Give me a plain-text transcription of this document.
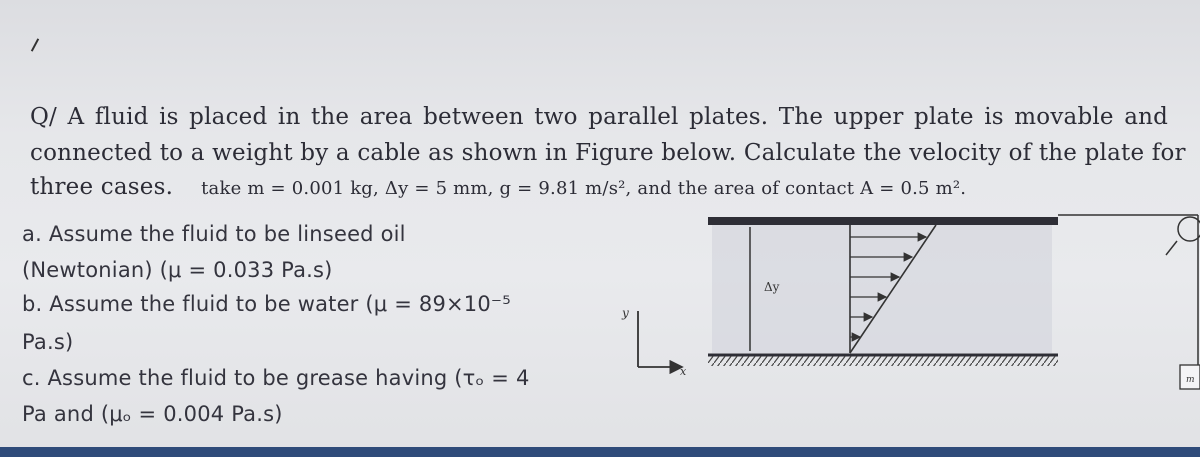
Q/ A fluid is placed in the area between two parallel plates. The upper plate is movable and
connected to a weight by a cable as shown in Figure below. Calculate the velocity of the plate for
three cases. take m = 0.001 kg, Δy = 5 mm, g = 9.81 m/s², and the area of contact A = 0.5 m².
a. Assume the fluid to be linseed oil
(Newtonian) (μ = 0.033 Pa.s)
b. Assume the fluid to be water (μ = 89×10⁻⁵
Pa.s)
c. Assume the fluid to be grease having (τₒ = 4
Pa and (μₒ = 0.004 Pa.s)
y
x
Δy
m
